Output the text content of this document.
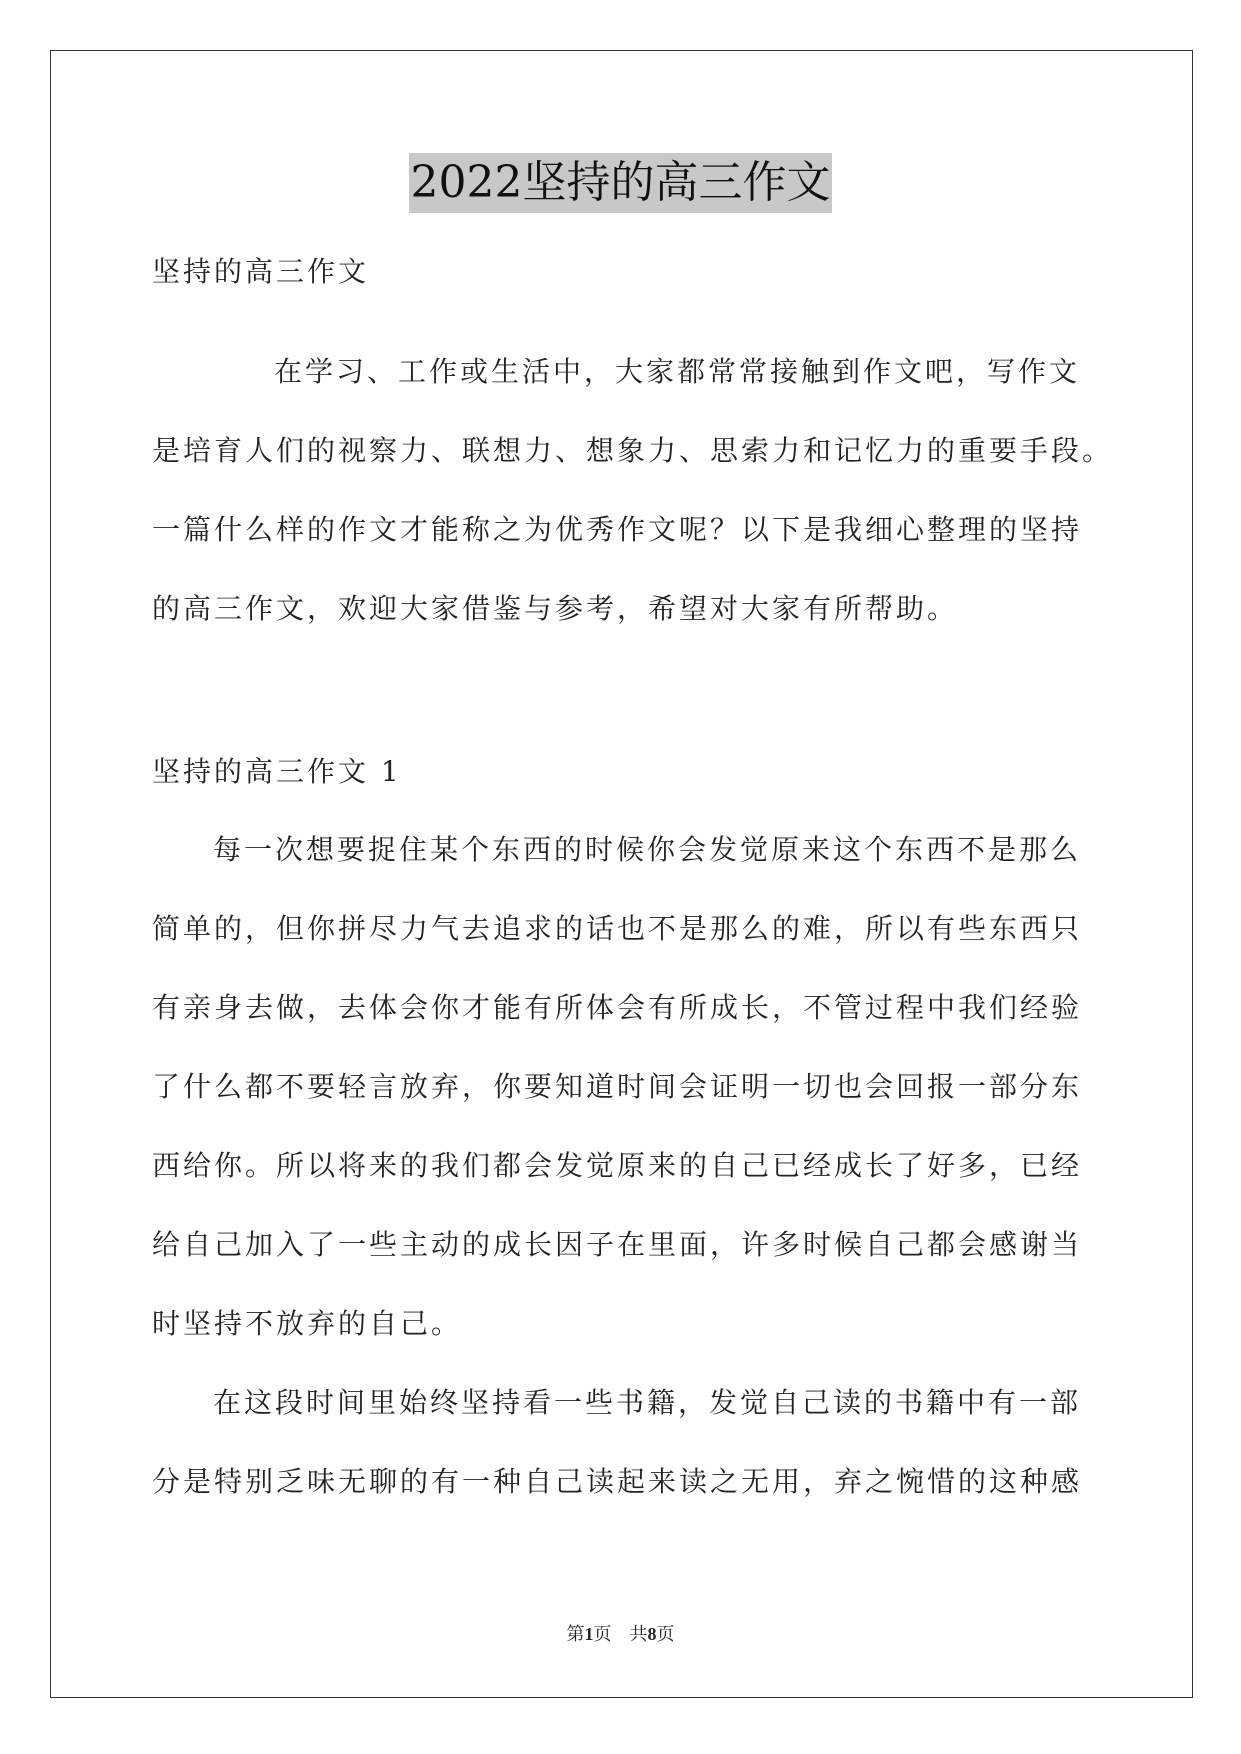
2022坚持的高三作文
坚持的高三作文
在学习、工作或生活中，大家都常常接触到作文吧，写作文
是培育人们的视察力、联想力、想象力、思索力和记忆力的重要手段。
一篇什么样的作文才能称之为优秀作文呢？以下是我细心整理的坚持
的高三作文，欢迎大家借鉴与参考，希望对大家有所帮助。
坚持的高三作文 1
每一次想要捉住某个东西的时候你会发觉原来这个东西不是那么
简单的，但你拼尽力气去追求的话也不是那么的难，所以有些东西只
有亲身去做，去体会你才能有所体会有所成长，不管过程中我们经验
了什么都不要轻言放弃，你要知道时间会证明一切也会回报一部分东
西给你。所以将来的我们都会发觉原来的自己已经成长了好多，已经
给自己加入了一些主动的成长因子在里面，许多时候自己都会感谢当
时坚持不放弃的自己。
在这段时间里始终坚持看一些书籍，发觉自己读的书籍中有一部
分是特别乏味无聊的有一种自己读起来读之无用，弃之惋惜的这种感
第1页 共8页
